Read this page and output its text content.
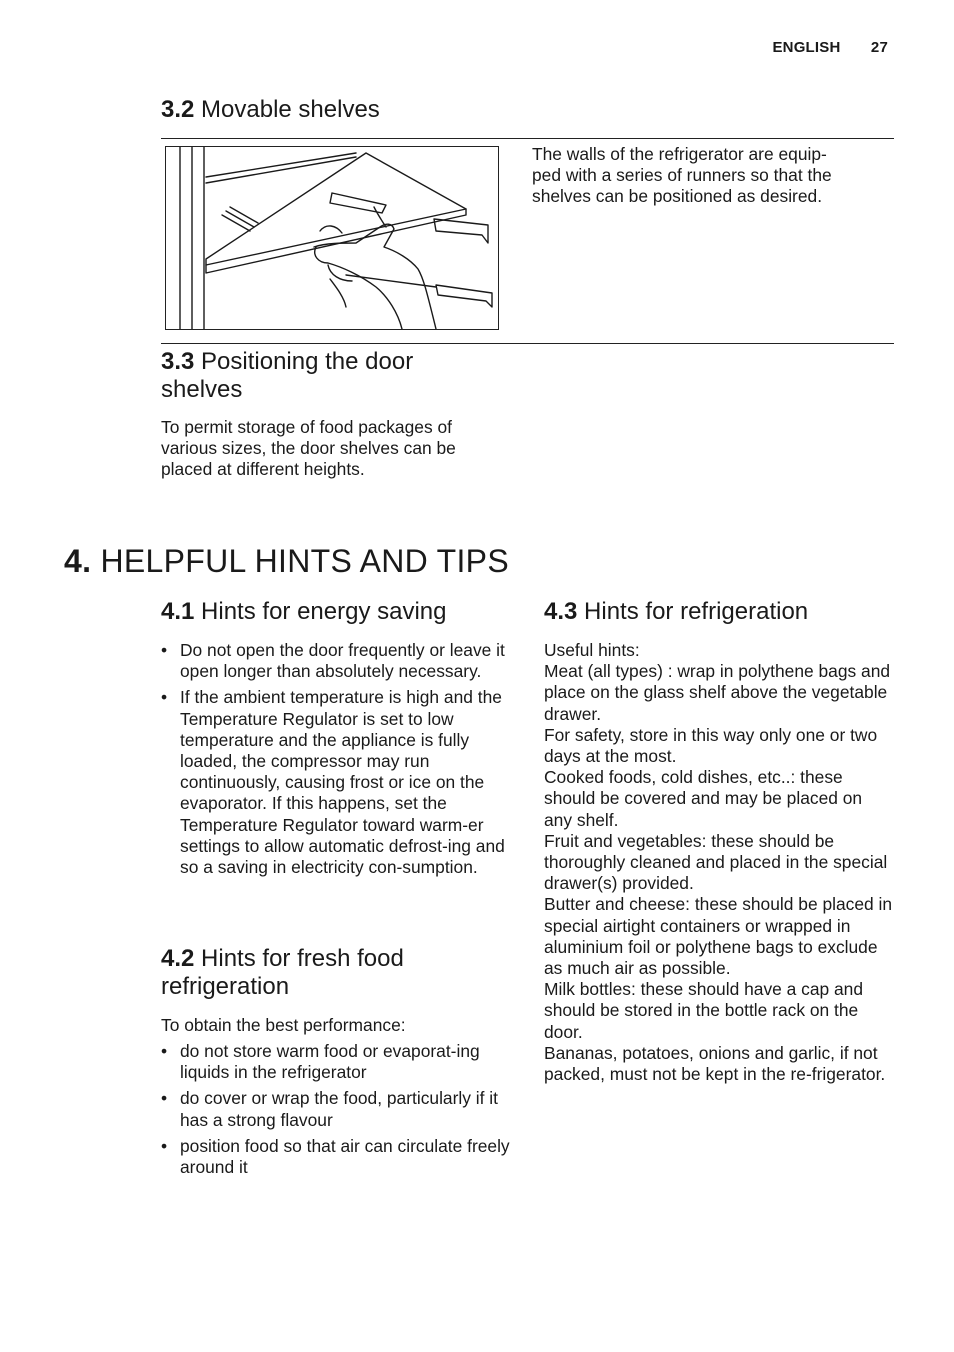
ENGLISH 27
3.2 Movable shelves
The walls of the refrigerator are equip-
ped with a series of runners so that the
shelves can be positioned as desired.
3.3 Positioning the door shelves
To permit storage of food packages of various sizes, the door shelves can be placed at different heights.
4. HELPFUL HINTS AND TIPS
4.1 Hints for energy saving
• Do not open the door frequently or leave it open longer than absolutely necessary.
• If the ambient temperature is high and the Temperature Regulator is set to low temperature and the appliance is fully loaded, the compressor may run continuously, causing frost or ice on the evaporator. If this happens, set the Temperature Regulator toward warm-er settings to allow automatic defrost-ing and so a saving in electricity con-sumption.
4.2 Hints for fresh food refrigeration
To obtain the best performance:
• do not store warm food or evaporat-ing liquids in the refrigerator
• do cover or wrap the food, particularly if it has a strong flavour
• position food so that air can circulate freely around it
4.3 Hints for refrigeration
Useful hints:
Meat (all types) : wrap in polythene bags and place on the glass shelf above the vegetable drawer.
For safety, store in this way only one or two days at the most.
Cooked foods, cold dishes, etc..: these should be covered and may be placed on any shelf.
Fruit and vegetables: these should be thoroughly cleaned and placed in the special drawer(s) provided.
Butter and cheese: these should be placed in special airtight containers or wrapped in aluminium foil or polythene bags to exclude as much air as possible.
Milk bottles: these should have a cap and should be stored in the bottle rack on the door.
Bananas, potatoes, onions and garlic, if not packed, must not be kept in the re-frigerator.
